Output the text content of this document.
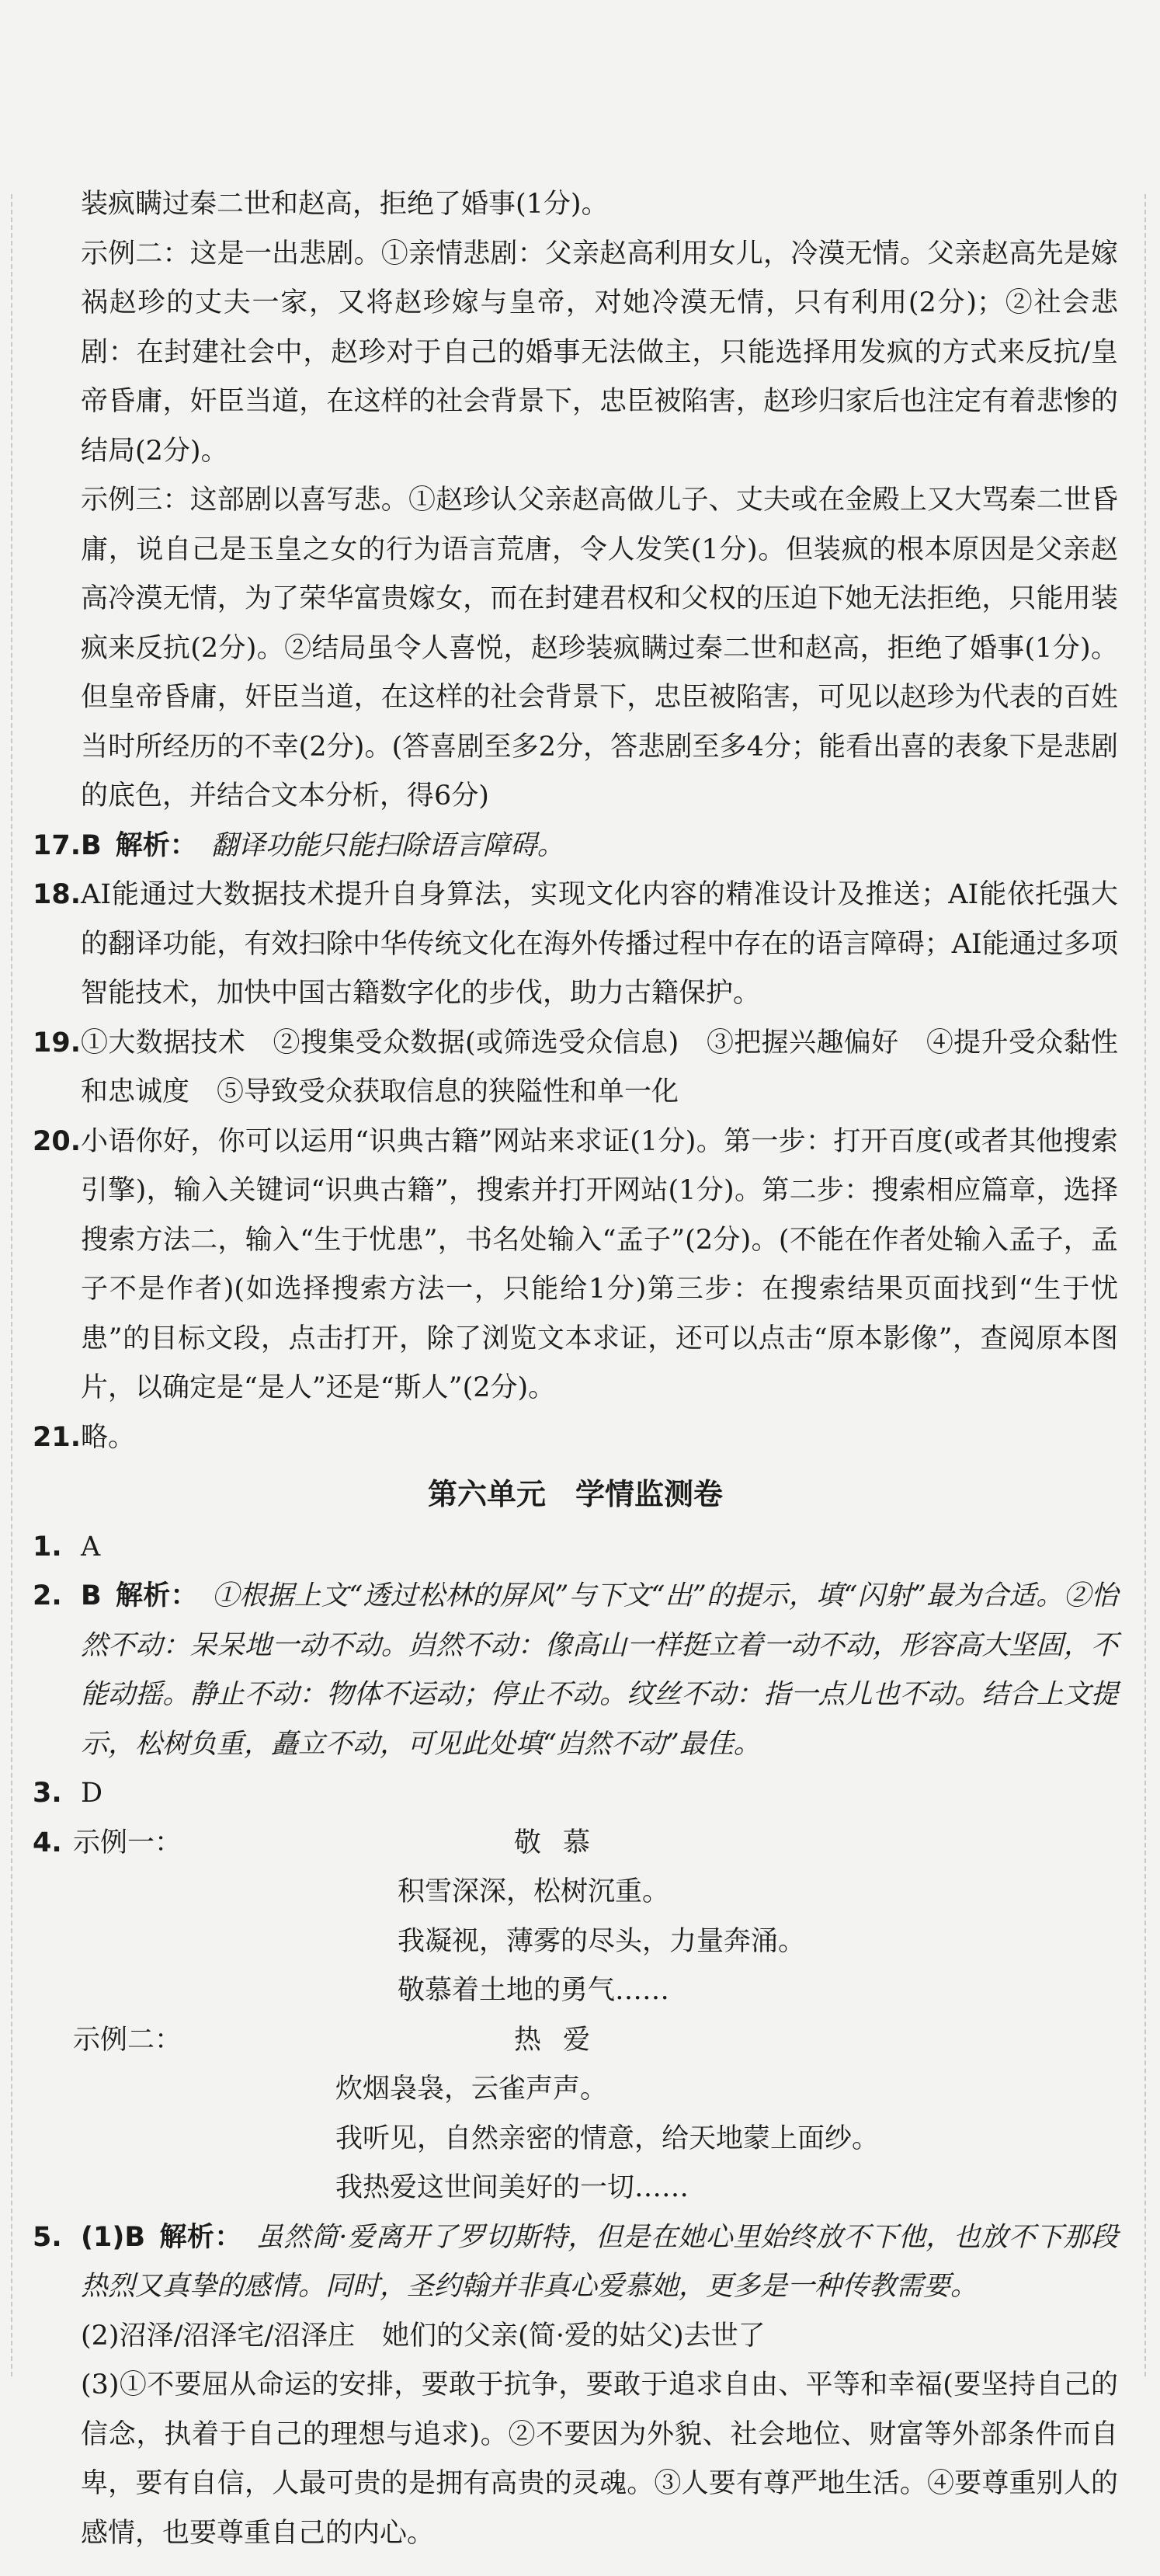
装疯瞒过秦二世和赵高，拒绝了婚事(1分)。

示例二：这是一出悲剧。①亲情悲剧：父亲赵高利用女儿，冷漠无情。父亲赵高先是嫁祸赵珍的丈夫一家，又将赵珍嫁与皇帝，对她冷漠无情，只有利用(2分)；②社会悲剧：在封建社会中，赵珍对于自己的婚事无法做主，只能选择用发疯的方式来反抗/皇帝昏庸，奸臣当道，在这样的社会背景下，忠臣被陷害，赵珍归家后也注定有着悲惨的结局(2分)。

示例三：这部剧以喜写悲。①赵珍认父亲赵高做儿子、丈夫或在金殿上又大骂秦二世昏庸，说自己是玉皇之女的行为语言荒唐，令人发笑(1分)。但装疯的根本原因是父亲赵高冷漠无情，为了荣华富贵嫁女，而在封建君权和父权的压迫下她无法拒绝，只能用装疯来反抗(2分)。②结局虽令人喜悦，赵珍装疯瞒过秦二世和赵高，拒绝了婚事(1分)。但皇帝昏庸，奸臣当道，在这样的社会背景下，忠臣被陷害，可见以赵珍为代表的百姓当时所经历的不幸(2分)。(答喜剧至多2分，答悲剧至多4分；能看出喜的表象下是悲剧的底色，并结合文本分析，得6分)

17. B 解析： 翻译功能只能扫除语言障碍。
18. AI能通过大数据技术提升自身算法，实现文化内容的精准设计及推送；AI能依托强大的翻译功能，有效扫除中华传统文化在海外传播过程中存在的语言障碍；AI能通过多项智能技术，加快中国古籍数字化的步伐，助力古籍保护。
19. ①大数据技术　②搜集受众数据(或筛选受众信息)　③把握兴趣偏好　④提升受众黏性和忠诚度　⑤导致受众获取信息的狭隘性和单一化
20. 小语你好，你可以运用“识典古籍”网站来求证(1分)。第一步：打开百度(或者其他搜索引擎)，输入关键词“识典古籍”，搜索并打开网站(1分)。第二步：搜索相应篇章，选择搜索方法二，输入“生于忧患”，书名处输入“孟子”(2分)。(不能在作者处输入孟子，孟子不是作者)(如选择搜索方法一，只能给1分)第三步：在搜索结果页面找到“生于忧患”的目标文段，点击打开，除了浏览文本求证，还可以点击“原本影像”，查阅原本图片，以确定是“是人”还是“斯人”(2分)。
21. 略。
第六单元　学情监测卷
1. A
2. B 解析： ①根据上文“透过松林的屏风”与下文“出”的提示，填“闪射”最为合适。②怡然不动：呆呆地一动不动。岿然不动：像高山一样挺立着一动不动，形容高大坚固，不能动摇。静止不动：物体不运动；停止不动。纹丝不动：指一点儿也不动。结合上文提示，松树负重，矗立不动，可见此处填“岿然不动”最佳。
3. D
4. 示例一：	敬慕

积雪深深，松树沉重。

我凝视，薄雾的尽头，力量奔涌。

敬慕着土地的勇气……

示例二：	热爱

炊烟袅袅，云雀声声。

我听见，自然亲密的情意，给天地蒙上面纱。

我热爱这世间美好的一切……

5. (1)B 解析： 虽然简·爱离开了罗切斯特，但是在她心里始终放不下他，也放不下那段热烈又真挚的感情。同时，圣约翰并非真心爱慕她，更多是一种传教需要。

(2)沼泽/沼泽宅/沼泽庄　她们的父亲(简·爱的姑父)去世了

(3)①不要屈从命运的安排，要敢于抗争，要敢于追求自由、平等和幸福(要坚持自己的信念，执着于自己的理想与追求)。②不要因为外貌、社会地位、财富等外部条件而自卑，要有自信，人最可贵的是拥有高贵的灵魂。③人要有尊严地生活。④要尊重别人的感情，也要尊重自己的内心。
